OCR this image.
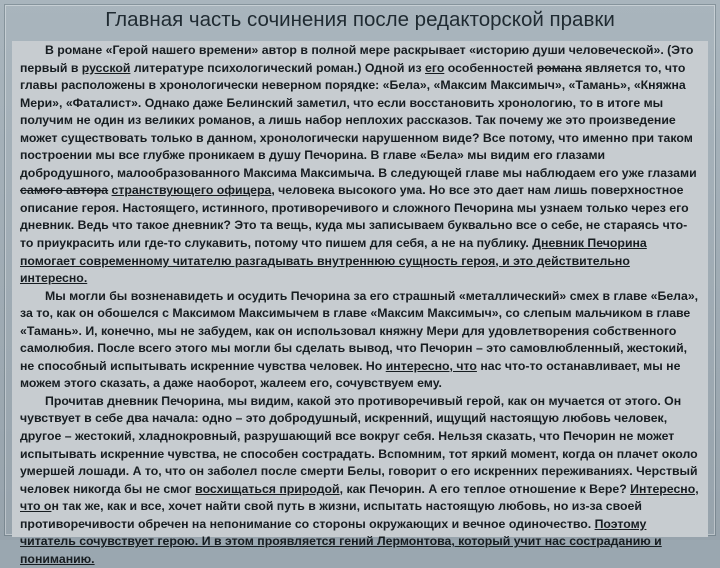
Главная часть сочинения после редакторской правки

В романе «Герой нашего времени» автор в полной мере раскрывает «историю души человеческой». (Это первый в русской литературе психологический роман.) Одной из его особенностей романа является то, что главы расположены в хронологически неверном порядке: «Бела», «Максим Максимыч», «Тамань», «Княжна Мери», «Фаталист». Однако даже Белинский заметил, что если восстановить хронологию, то в итоге мы получим не один из великих романов, а лишь набор неплохих рассказов. Так почему же это произведение может существовать только в данном, хронологически нарушенном виде? Все потому, что именно при таком построении мы все глубже проникаем в душу Печорина. В главе «Бела» мы видим его глазами добродушного, малообразованного Максима Максимыча. В следующей главе мы наблюдаем его уже глазами самого автора странствующего офицера, человека высокого ума. Но все это дает нам лишь поверхностное описание героя. Настоящего, истинного, противоречивого и сложного Печорина мы узнаем только через его дневник. Ведь что такое дневник? Это та вещь, куда мы записываем буквально все о себе, не стараясь что-то приукрасить или где-то слукавить, потому что пишем для себя, а не на публику. Дневник Печорина помогает современному читателю разгадывать внутреннюю сущность героя, и это действительно интересно.

Мы могли бы возненавидеть и осудить Печорина за его страшный «металлический» смех в главе «Бела», за то, как он обошелся с Максимом Максимычем в главе «Максим Максимыч», со слепым мальчиком в главе «Тамань». И, конечно, мы не забудем, как он использовал княжну Мери для удовлетворения собственного самолюбия. После всего этого мы могли бы сделать вывод, что Печорин – это самовлюбленный, жестокий, не способный испытывать искренние чувства человек. Но интересно, что нас что-то останавливает, мы не можем этого сказать, а даже наоборот, жалеем его, сочувствуем ему.

Прочитав дневник Печорина, мы видим, какой это противоречивый герой, как он мучается от этого. Он чувствует в себе два начала: одно – это добродушный, искренний, ищущий настоящую любовь человек, другое – жестокий, хладнокровный, разрушающий все вокруг себя. Нельзя сказать, что Печорин не может испытывать искренние чувства, не способен сострадать. Вспомним, тот яркий момент, когда он плачет около умершей лошади. А то, что он заболел после смерти Белы, говорит о его искренних переживаниях. Черствый человек никогда бы не смог восхищаться природой, как Печорин. А его теплое отношение к Вере? Интересно, что он так же, как и все, хочет найти свой путь в жизни, испытать настоящую любовь, но из-за своей противоречивости обречен на непонимание со стороны окружающих и вечное одиночество. Поэтому читатель сочувствует герою. И в этом проявляется гений Лермонтова, который учит нас состраданию и пониманию.
